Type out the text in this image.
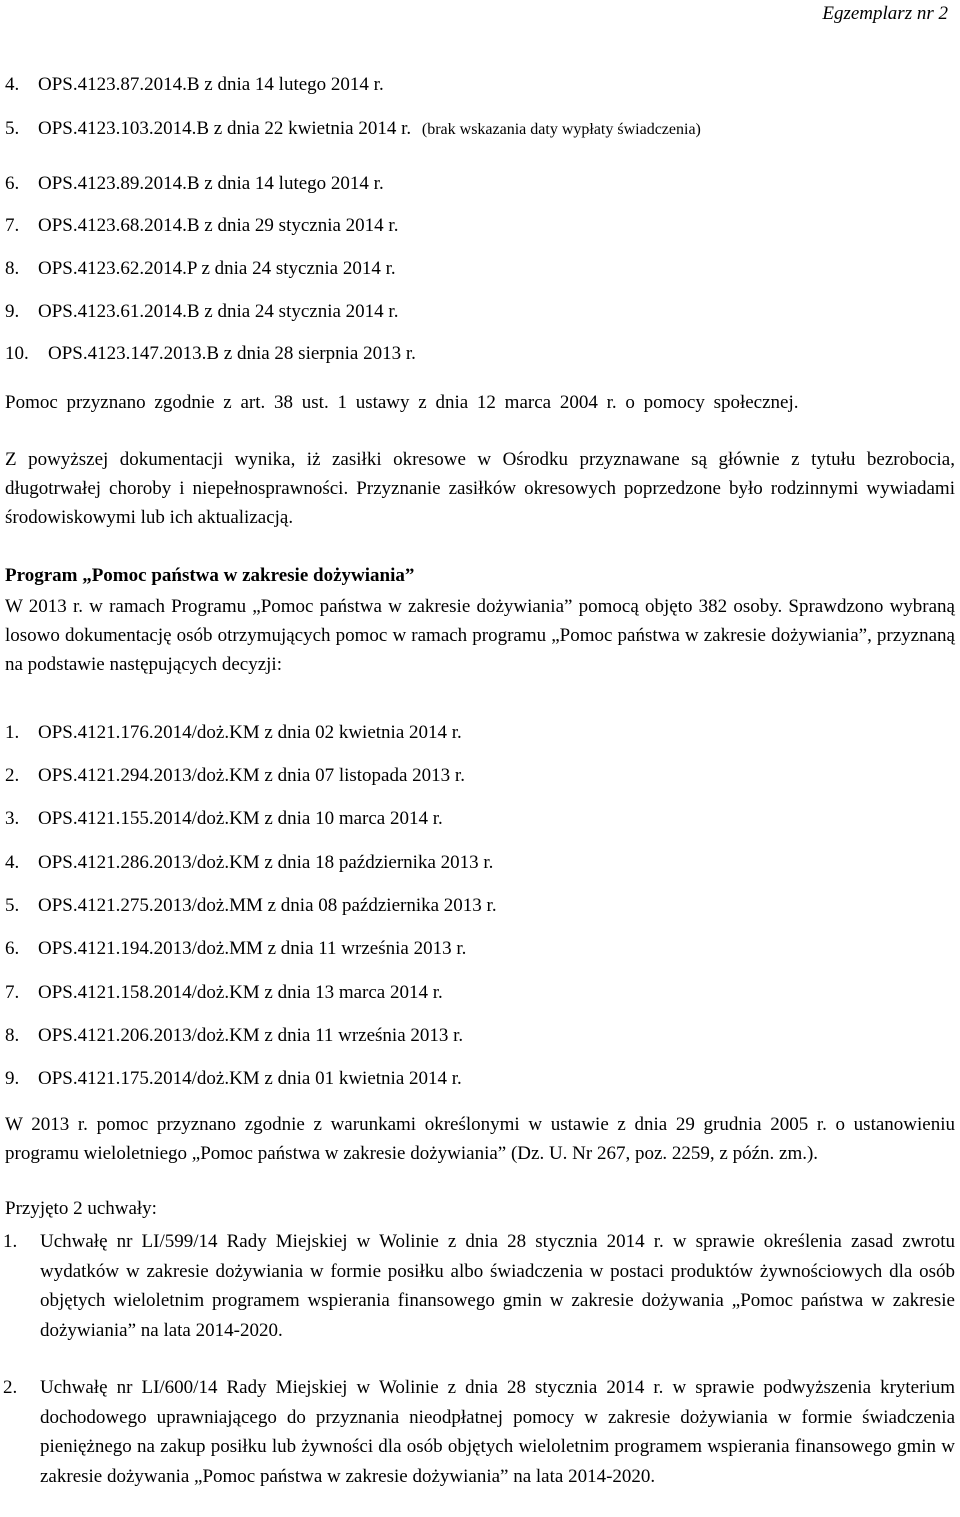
Egzemplarz nr 2
4. OPS.4123.87.2014.B z dnia 14 lutego 2014 r.
5. OPS.4123.103.2014.B z dnia 22 kwietnia 2014 r. (brak wskazania daty wypłaty świadczenia)
6. OPS.4123.89.2014.B z dnia 14 lutego 2014 r.
7. OPS.4123.68.2014.B z dnia 29 stycznia 2014 r.
8. OPS.4123.62.2014.P z dnia 24 stycznia 2014 r.
9. OPS.4123.61.2014.B z dnia 24 stycznia 2014 r.
10. OPS.4123.147.2013.B z dnia 28 sierpnia 2013 r.
Pomoc przyznano zgodnie z art. 38 ust. 1 ustawy z dnia 12 marca 2004 r. o pomocy społecznej.
Z powyższej dokumentacji wynika, iż zasiłki okresowe w Ośrodku przyznawane są głównie z tytułu bezrobocia, długotrwałej choroby i niepełnosprawności. Przyznanie zasiłków okresowych poprzedzone było rodzinnymi wywiadami środowiskowymi lub ich aktualizacją.
Program „Pomoc państwa w zakresie dożywiania”
W 2013 r. w ramach Programu „Pomoc państwa w zakresie dożywiania” pomocą objęto 382 osoby. Sprawdzono wybraną losowo dokumentację osób otrzymujących pomoc w ramach programu „Pomoc państwa w zakresie dożywiania”, przyznaną na podstawie następujących decyzji:
1. OPS.4121.176.2014/doż.KM z dnia 02 kwietnia 2014 r.
2. OPS.4121.294.2013/doż.KM z dnia 07 listopada 2013 r.
3. OPS.4121.155.2014/doż.KM z dnia 10 marca 2014 r.
4. OPS.4121.286.2013/doż.KM z dnia 18 października 2013 r.
5. OPS.4121.275.2013/doż.MM z dnia 08 października 2013 r.
6. OPS.4121.194.2013/doż.MM z dnia 11 września 2013 r.
7. OPS.4121.158.2014/doż.KM z dnia 13 marca 2014 r.
8. OPS.4121.206.2013/doż.KM z dnia 11 września 2013 r.
9. OPS.4121.175.2014/doż.KM z dnia 01 kwietnia 2014 r.
W 2013 r. pomoc przyznano zgodnie z warunkami określonymi w ustawie z dnia 29 grudnia 2005 r. o ustanowieniu programu wieloletniego „Pomoc państwa w zakresie dożywiania” (Dz. U. Nr 267, poz. 2259, z późn. zm.).
Przyjęto 2 uchwały:
1. Uchwałę nr LI/599/14 Rady Miejskiej w Wolinie z dnia 28 stycznia 2014 r. w sprawie określenia zasad zwrotu wydatków w zakresie dożywiania w formie posiłku albo świadczenia w postaci produktów żywnościowych dla osób objętych wieloletnim programem wspierania finansowego gmin w zakresie dożywania „Pomoc państwa w zakresie dożywiania” na lata 2014-2020.
2. Uchwałę nr LI/600/14 Rady Miejskiej w Wolinie z dnia 28 stycznia 2014 r. w sprawie podwyższenia kryterium dochodowego uprawniającego do przyznania nieodpłatnej pomocy w zakresie dożywiania w formie świadczenia pieniężnego na zakup posiłku lub żywności dla osób objętych wieloletnim programem wspierania finansowego gmin w zakresie dożywania „Pomoc państwa w zakresie dożywiania” na lata 2014-2020.
